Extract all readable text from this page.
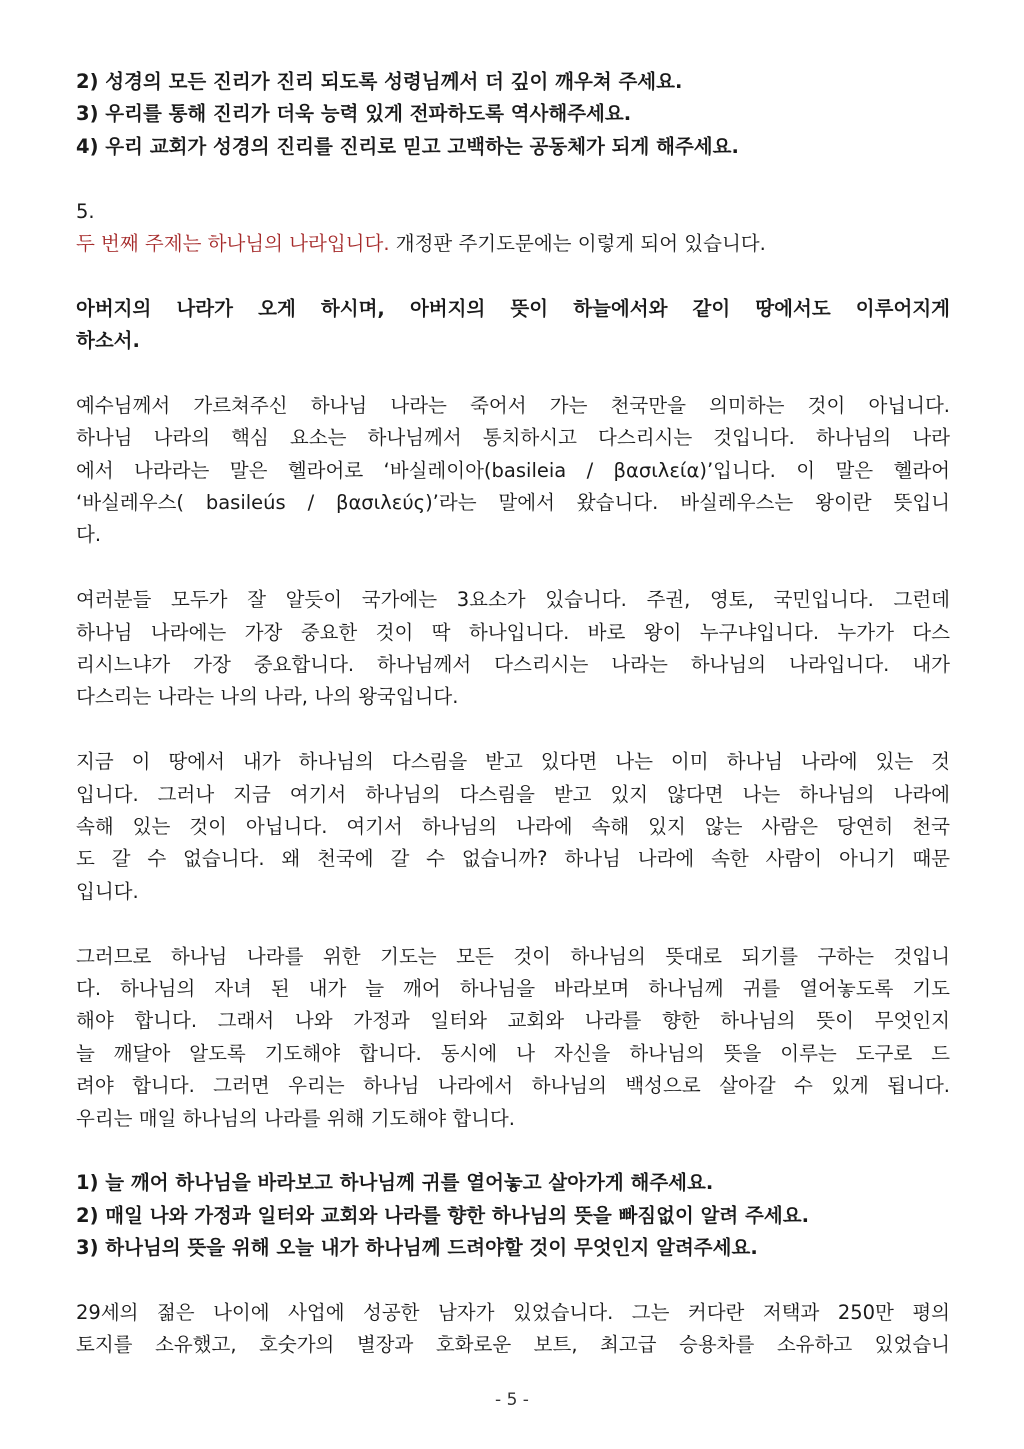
2) 성경의 모든 진리가 진리 되도록 성령님께서 더 깊이 깨우쳐 주세요.
3) 우리를 통해 진리가 더욱 능력 있게 전파하도록 역사해주세요.
4) 우리 교회가 성경의 진리를 진리로 믿고 고백하는 공동체가 되게 해주세요.
5.
두 번째 주제는 하나님의 나라입니다. 개정판 주기도문에는 이렇게 되어 있습니다.
아버지의 나라가 오게 하시며, 아버지의 뜻이 하늘에서와 같이 땅에서도 이루어지게
하소서.
예수님께서 가르쳐주신 하나님 나라는 죽어서 가는 천국만을 의미하는 것이 아닙니다.
하나님 나라의 핵심 요소는 하나님께서 통치하시고 다스리시는 것입니다. 하나님의 나라
에서 나라라는 말은 헬라어로 ‘바실레이아(basileia / βασιλεία)’입니다. 이 말은 헬라어
‘바실레우스( basileús / βασιλεύς)’라는 말에서 왔습니다. 바실레우스는 왕이란 뜻입니
다.
여러분들 모두가 잘 알듯이 국가에는 3요소가 있습니다. 주권, 영토, 국민입니다. 그런데
하나님 나라에는 가장 중요한 것이 딱 하나입니다. 바로 왕이 누구냐입니다. 누가가 다스
리시느냐가 가장 중요합니다. 하나님께서 다스리시는 나라는 하나님의 나라입니다. 내가
다스리는 나라는 나의 나라, 나의 왕국입니다.
지금 이 땅에서 내가 하나님의 다스림을 받고 있다면 나는 이미 하나님 나라에 있는 것
입니다. 그러나 지금 여기서 하나님의 다스림을 받고 있지 않다면 나는 하나님의 나라에
속해 있는 것이 아닙니다. 여기서 하나님의 나라에 속해 있지 않는 사람은 당연히 천국
도 갈 수 없습니다. 왜 천국에 갈 수 없습니까? 하나님 나라에 속한 사람이 아니기 때문
입니다.
그러므로 하나님 나라를 위한 기도는 모든 것이 하나님의 뜻대로 되기를 구하는 것입니
다. 하나님의 자녀 된 내가 늘 깨어 하나님을 바라보며 하나님께 귀를 열어놓도록 기도
해야 합니다. 그래서 나와 가정과 일터와 교회와 나라를 향한 하나님의 뜻이 무엇인지
늘 깨달아 알도록 기도해야 합니다. 동시에 나 자신을 하나님의 뜻을 이루는 도구로 드
려야 합니다. 그러면 우리는 하나님 나라에서 하나님의 백성으로 살아갈 수 있게 됩니다.
우리는 매일 하나님의 나라를 위해 기도해야 합니다.
1) 늘 깨어 하나님을 바라보고 하나님께 귀를 열어놓고 살아가게 해주세요.
2) 매일 나와 가정과 일터와 교회와 나라를 향한 하나님의 뜻을 빠짐없이 알려 주세요.
3) 하나님의 뜻을 위해 오늘 내가 하나님께 드려야할 것이 무엇인지 알려주세요.
29세의 젊은 나이에 사업에 성공한 남자가 있었습니다. 그는 커다란 저택과 250만 평의
토지를 소유했고, 호숫가의 별장과 호화로운 보트, 최고급 승용차를 소유하고 있었습니
- 5 -
